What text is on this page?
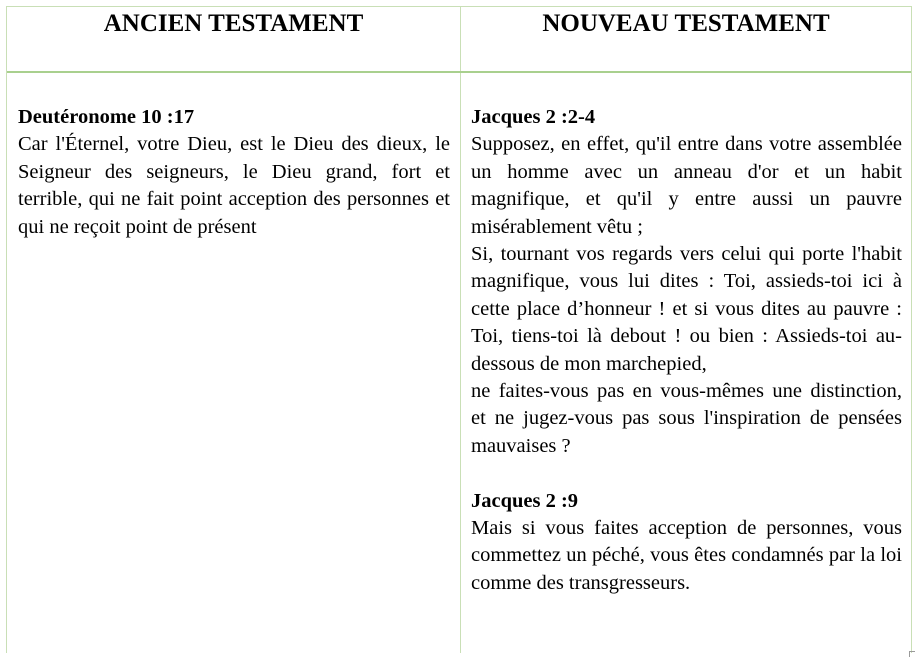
ANCIEN TESTAMENT	NOUVEAU TESTAMENT
Deutéronome 10 :17
Car l'Éternel, votre Dieu, est le Dieu des dieux, le Seigneur des seigneurs, le Dieu grand, fort et terrible, qui ne fait point acception des personnes et qui ne reçoit point de présent
Jacques 2 :2-4
Supposez, en effet, qu'il entre dans votre assemblée un homme avec un anneau d'or et un habit magnifique, et qu'il y entre aussi un pauvre misérablement vêtu ;
Si, tournant vos regards vers celui qui porte l'habit magnifique, vous lui dites : Toi, assieds-toi ici à cette place d’honneur ! et si vous dites au pauvre : Toi, tiens-toi là debout ! ou bien : Assieds-toi au-dessous de mon marchepied,
ne faites-vous pas en vous-mêmes une distinction, et ne jugez-vous pas sous l'inspiration de pensées mauvaises ?
Jacques 2 :9
Mais si vous faites acception de personnes, vous commettez un péché, vous êtes condamnés par la loi comme des transgresseurs.
